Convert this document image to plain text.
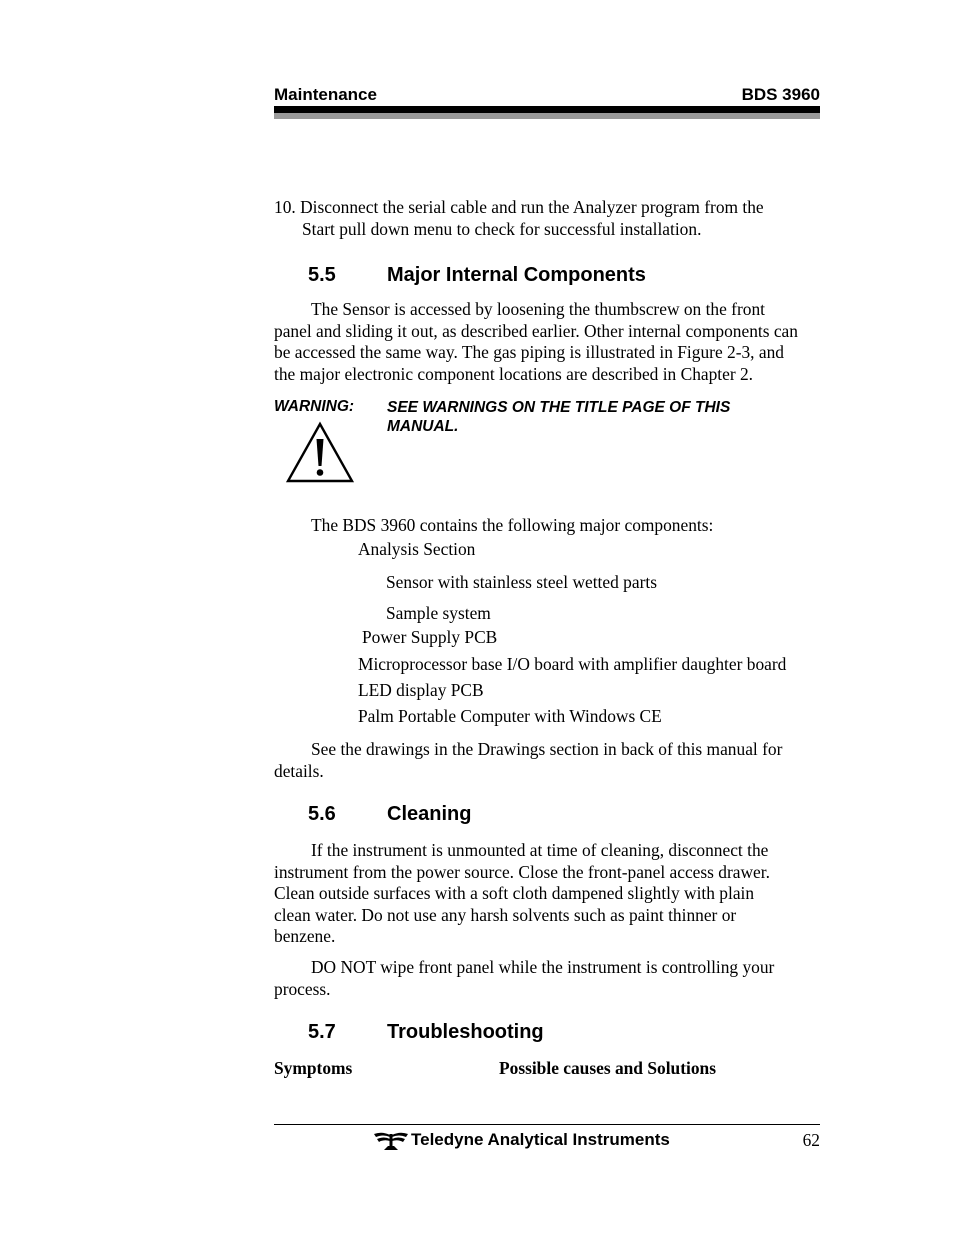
Maintenance	BDS 3960
10. Disconnect the serial cable and run the Analyzer program from the
Start pull down menu to check for successful installation.
5.5	Major Internal Components
The Sensor is accessed by loosening the thumbscrew on the front
panel and sliding it out, as described earlier. Other internal components can
be accessed the same way. The gas piping is illustrated in Figure 2-3, and
the major electronic component locations are described in Chapter 2.
WARNING: SEE WARNINGS ON THE TITLE PAGE OF THIS
MANUAL.
The BDS 3960 contains the following major components:
Analysis Section
Sensor with stainless steel wetted parts
Sample system
Power Supply PCB
Microprocessor base I/O board with amplifier daughter board
LED display PCB
Palm Portable Computer with Windows CE
See the drawings in the Drawings section in back of this manual for
details.
5.6	Cleaning
If the instrument is unmounted at time of cleaning, disconnect the
instrument from the power source. Close the front-panel access drawer.
Clean outside surfaces with a soft cloth dampened slightly with plain
clean water. Do not use any harsh solvents such as paint thinner or
benzene.
DO NOT wipe front panel while the instrument is controlling your
process.
5.7	Troubleshooting
Symptoms	Possible causes and Solutions
Teledyne Analytical Instruments	62
